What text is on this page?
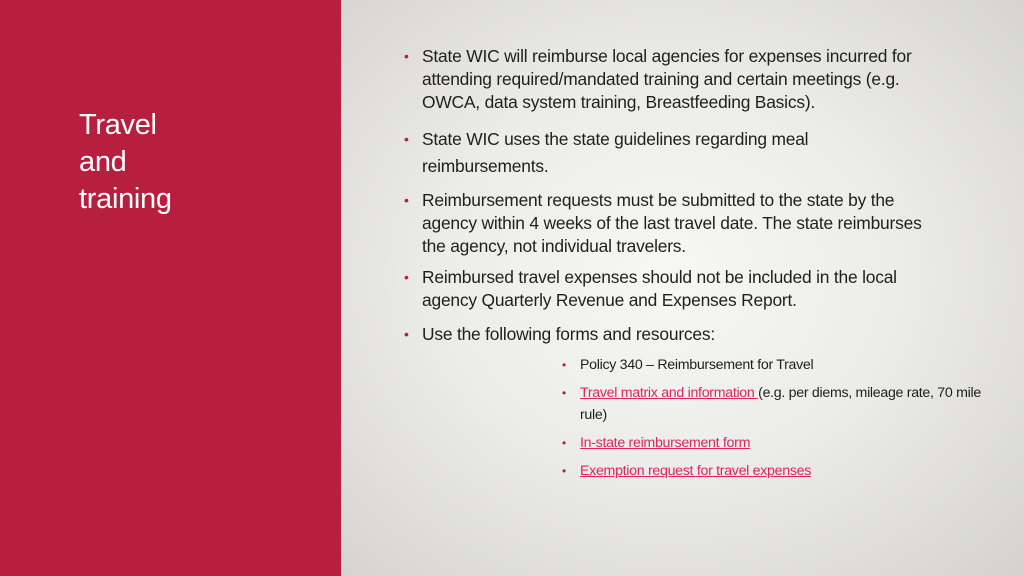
Travel
and
training
• State WIC will reimburse local agencies for expenses incurred for attending required/mandated training and certain meetings (e.g. OWCA, data system training, Breastfeeding Basics).
• State WIC uses the state guidelines regarding meal reimbursements.
• Reimbursement requests must be submitted to the state by the agency within 4 weeks of the last travel date. The state reimburses the agency, not individual travelers.
• Reimbursed travel expenses should not be included in the local agency Quarterly Revenue and Expenses Report.
• Use the following forms and resources:
• Policy 340 – Reimbursement for Travel
• Travel matrix and information (e.g. per diems, mileage rate, 70 mile rule)
• In-state reimbursement form
• Exemption request for travel expenses
